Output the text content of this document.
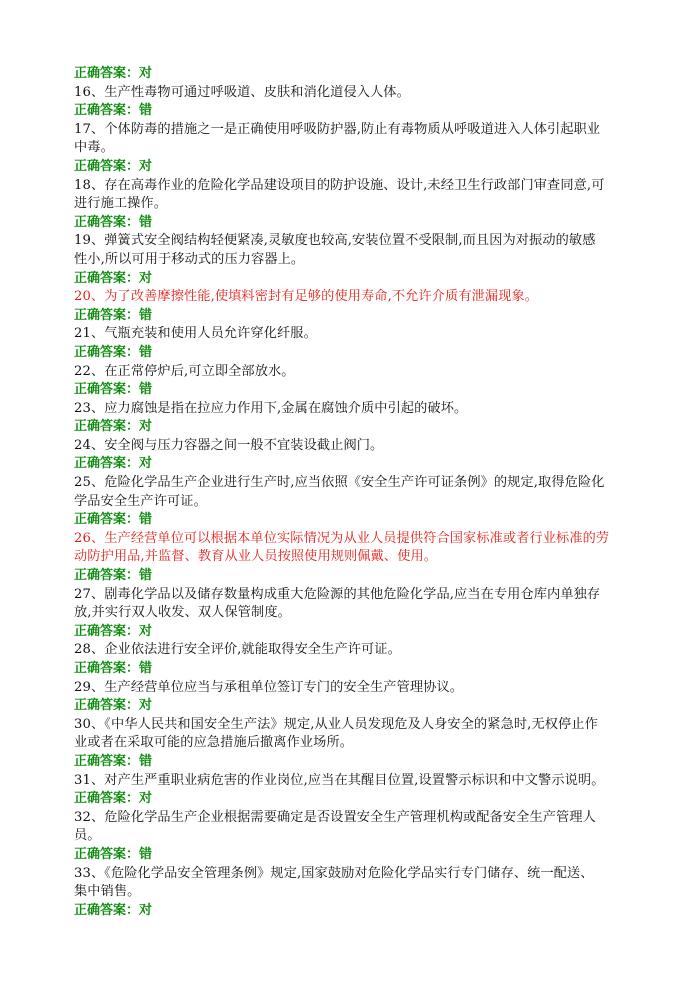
正确答案：对
16、生产性毒物可通过呼吸道、皮肤和消化道侵入人体。
正确答案：错
17、个体防毒的措施之一是正确使用呼吸防护器,防止有毒物质从呼吸道进入人体引起职业
中毒。
正确答案：对
18、存在高毒作业的危险化学品建设项目的防护设施、设计,未经卫生行政部门审查同意,可
进行施工操作。
正确答案：错
19、弹簧式安全阀结构轻便紧凑,灵敏度也较高,安装位置不受限制,而且因为对振动的敏感
性小,所以可用于移动式的压力容器上。
正确答案：对
20、为了改善摩擦性能,使填料密封有足够的使用寿命,不允许介质有泄漏现象。
正确答案：错
21、气瓶充装和使用人员允许穿化纤服。
正确答案：错
22、在正常停炉后,可立即全部放水。
正确答案：错
23、应力腐蚀是指在拉应力作用下,金属在腐蚀介质中引起的破坏。
正确答案：对
24、安全阀与压力容器之间一般不宜装设截止阀门。
正确答案：对
25、危险化学品生产企业进行生产时,应当依照《安全生产许可证条例》的规定,取得危险化
学品安全生产许可证。
正确答案：错
26、生产经营单位可以根据本单位实际情况为从业人员提供符合国家标准或者行业标准的劳
动防护用品,并监督、教育从业人员按照使用规则佩戴、使用。
正确答案：错
27、剧毒化学品以及储存数量构成重大危险源的其他危险化学品,应当在专用仓库内单独存
放,并实行双人收发、双人保管制度。
正确答案：对
28、企业依法进行安全评价,就能取得安全生产许可证。
正确答案：错
29、生产经营单位应当与承租单位签订专门的安全生产管理协议。
正确答案：对
30、《中华人民共和国安全生产法》规定,从业人员发现危及人身安全的紧急时,无权停止作
业或者在采取可能的应急措施后撤离作业场所。
正确答案：错
31、对产生严重职业病危害的作业岗位,应当在其醒目位置,设置警示标识和中文警示说明。
正确答案：对
32、危险化学品生产企业根据需要确定是否设置安全生产管理机构或配备安全生产管理人
员。
正确答案：错
33、《危险化学品安全管理条例》规定,国家鼓励对危险化学品实行专门储存、统一配送、
集中销售。
正确答案：对
